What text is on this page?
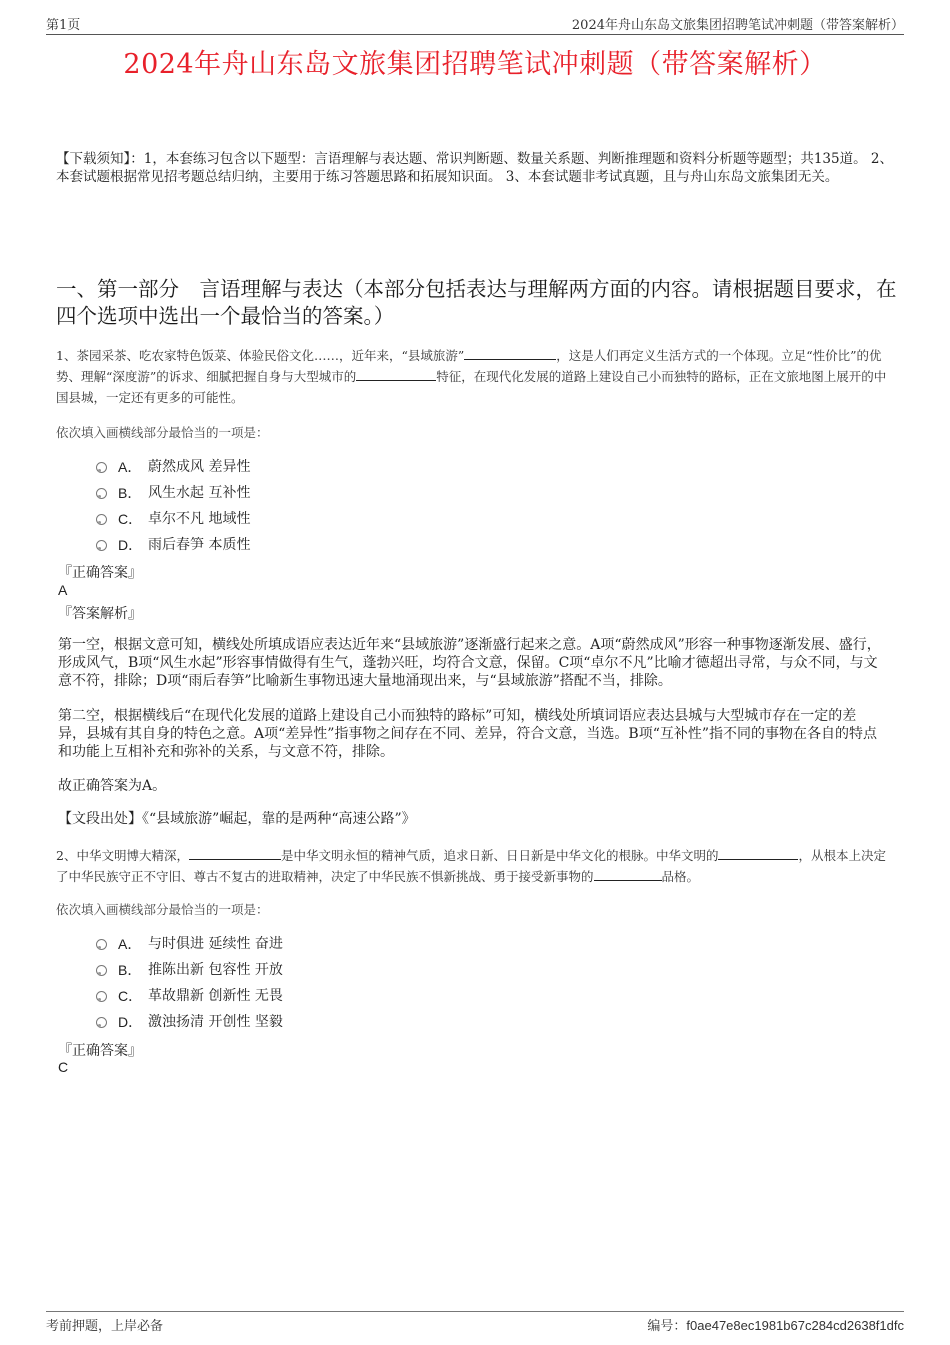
第1页	2024年舟山东岛文旅集团招聘笔试冲刺题（带答案解析）
2024年舟山东岛文旅集团招聘笔试冲刺题（带答案解析）
【下载须知】：1，本套练习包含以下题型：言语理解与表达题、常识判断题、数量关系题、判断推理题和资料分析题等题型；共135道。 2、本套试题根据常见招考题总结归纳，主要用于练习答题思路和拓展知识面。 3、本套试题非考试真题，且与舟山东岛文旅集团无关。
一、第一部分　言语理解与表达（本部分包括表达与理解两方面的内容。请根据题目要求，在四个选项中选出一个最恰当的答案。）
1、茶园采茶、吃农家特色饭菜、体验民俗文化……，近年来，“县域旅游”	，这是人们再定义生活方式的一个体现。立足“性价比”的优势、理解“深度游”的诉求、细腻把握自身与大型城市的	特征，在现代化发展的道路上建设自己小而独特的路标，正在文旅地图上展开的中国县城，一定还有更多的可能性。
依次填入画横线部分最恰当的一项是：
A． 蔚然成风 差异性
B． 风生水起 互补性
C． 卓尔不凡 地域性
D． 雨后春笋 本质性
『正确答案』
A
『答案解析』
第一空，根据文意可知，横线处所填成语应表达近年来“县域旅游”逐渐盛行起来之意。A项“蔚然成风”形容一种事物逐渐发展、盛行，形成风气，B项“风生水起”形容事情做得有生气，蓬勃兴旺，均符合文意，保留。C项“卓尔不凡”比喻才德超出寻常，与众不同，与文意不符，排除；D项“雨后春笋”比喻新生事物迅速大量地涌现出来，与“县域旅游”搭配不当，排除。
第二空，根据横线后“在现代化发展的道路上建设自己小而独特的路标”可知，横线处所填词语应表达县城与大型城市存在一定的差异，县城有其自身的特色之意。A项“差异性”指事物之间存在不同、差异，符合文意，当选。B项“互补性”指不同的事物在各自的特点和功能上互相补充和弥补的关系，与文意不符，排除。
故正确答案为A。
【文段出处】《“县域旅游”崛起，靠的是两种“高速公路”》
2、中华文明博大精深，	是中华文明永恒的精神气质，追求日新、日日新是中华文化的根脉。中华文明的	，从根本上决定了中华民族守正不守旧、尊古不复古的进取精神，决定了中华民族不惧新挑战、勇于接受新事物的	品格。
依次填入画横线部分最恰当的一项是：
A． 与时俱进 延续性 奋进
B． 推陈出新 包容性 开放
C． 革故鼎新 创新性 无畏
D． 激浊扬清 开创性 坚毅
『正确答案』
C
考前押题，上岸必备	编号：f0ae47e8ec1981b67c284cd2638f1dfc
